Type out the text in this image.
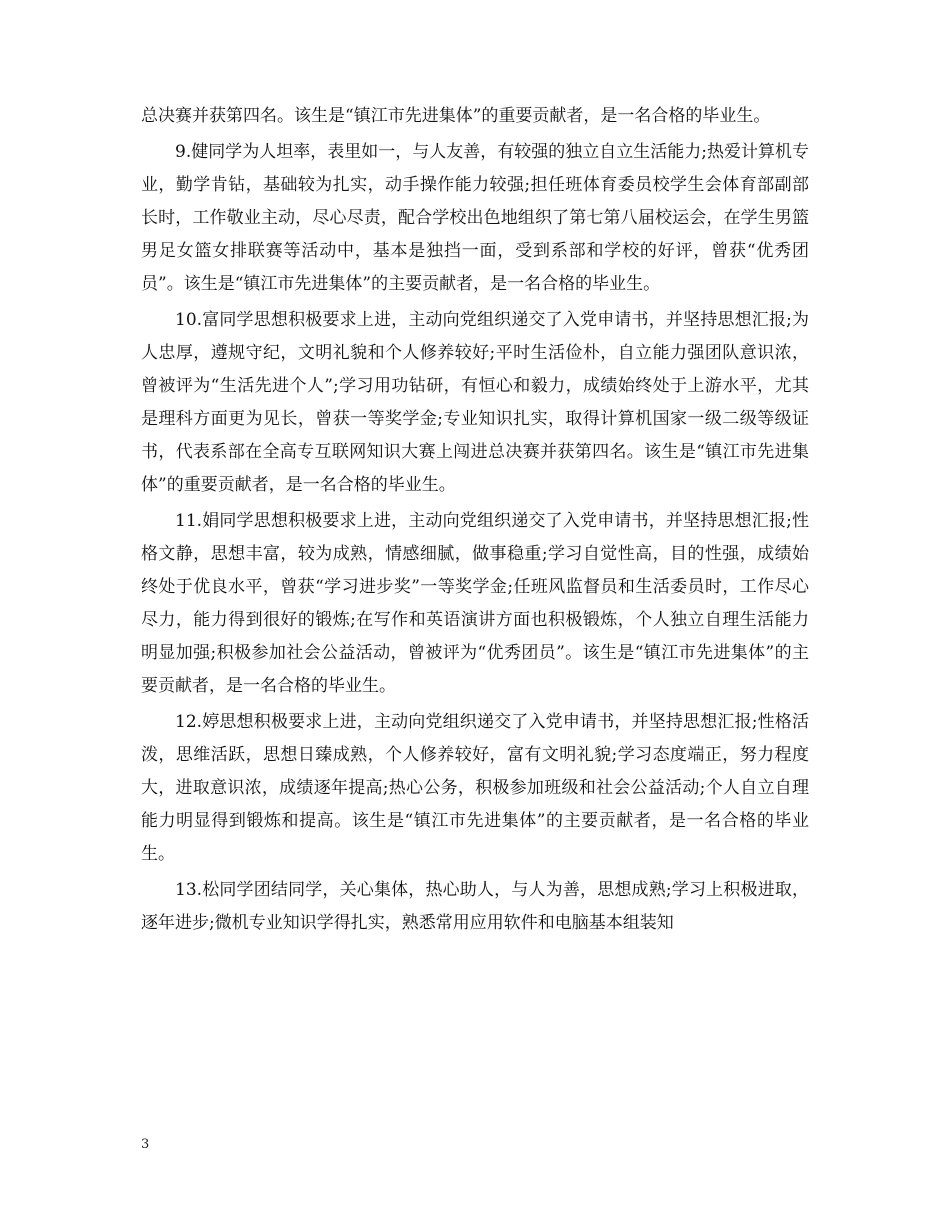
总决赛并获第四名。该生是“镇江市先进集体”的重要贡献者，是一名合格的毕业生。

9.健同学为人坦率，表里如一，与人友善，有较强的独立自立生活能力;热爱计算机专业，勤学肯钻，基础较为扎实，动手操作能力较强;担任班体育委员校学生会体育部副部长时，工作敬业主动，尽心尽责，配合学校出色地组织了第七第八届校运会，在学生男篮男足女篮女排联赛等活动中，基本是独挡一面，受到系部和学校的好评，曾获“优秀团员”。该生是“镇江市先进集体”的主要贡献者，是一名合格的毕业生。

10.富同学思想积极要求上进，主动向党组织递交了入党申请书，并坚持思想汇报;为人忠厚，遵规守纪，文明礼貌和个人修养较好;平时生活俭朴，自立能力强团队意识浓，曾被评为“生活先进个人”;学习用功钻研，有恒心和毅力，成绩始终处于上游水平，尤其是理科方面更为见长，曾获一等奖学金;专业知识扎实，取得计算机国家一级二级等级证书，代表系部在全高专互联网知识大赛上闯进总决赛并获第四名。该生是“镇江市先进集体”的重要贡献者，是一名合格的毕业生。

11.娟同学思想积极要求上进，主动向党组织递交了入党申请书，并坚持思想汇报;性格文静，思想丰富，较为成熟，情感细腻，做事稳重;学习自觉性高，目的性强，成绩始终处于优良水平，曾获“学习进步奖”一等奖学金;任班风监督员和生活委员时，工作尽心尽力，能力得到很好的锻炼;在写作和英语演讲方面也积极锻炼，个人独立自理生活能力明显加强;积极参加社会公益活动，曾被评为“优秀团员”。该生是“镇江市先进集体”的主要贡献者，是一名合格的毕业生。

12.婷思想积极要求上进，主动向党组织递交了入党申请书，并坚持思想汇报;性格活泼，思维活跃，思想日臻成熟，个人修养较好，富有文明礼貌;学习态度端正，努力程度大，进取意识浓，成绩逐年提高;热心公务，积极参加班级和社会公益活动;个人自立自理能力明显得到锻炼和提高。该生是“镇江市先进集体”的主要贡献者，是一名合格的毕业生。

13.松同学团结同学，关心集体，热心助人，与人为善，思想成熟;学习上积极进取，逐年进步;微机专业知识学得扎实，熟悉常用应用软件和电脑基本组装知

3
